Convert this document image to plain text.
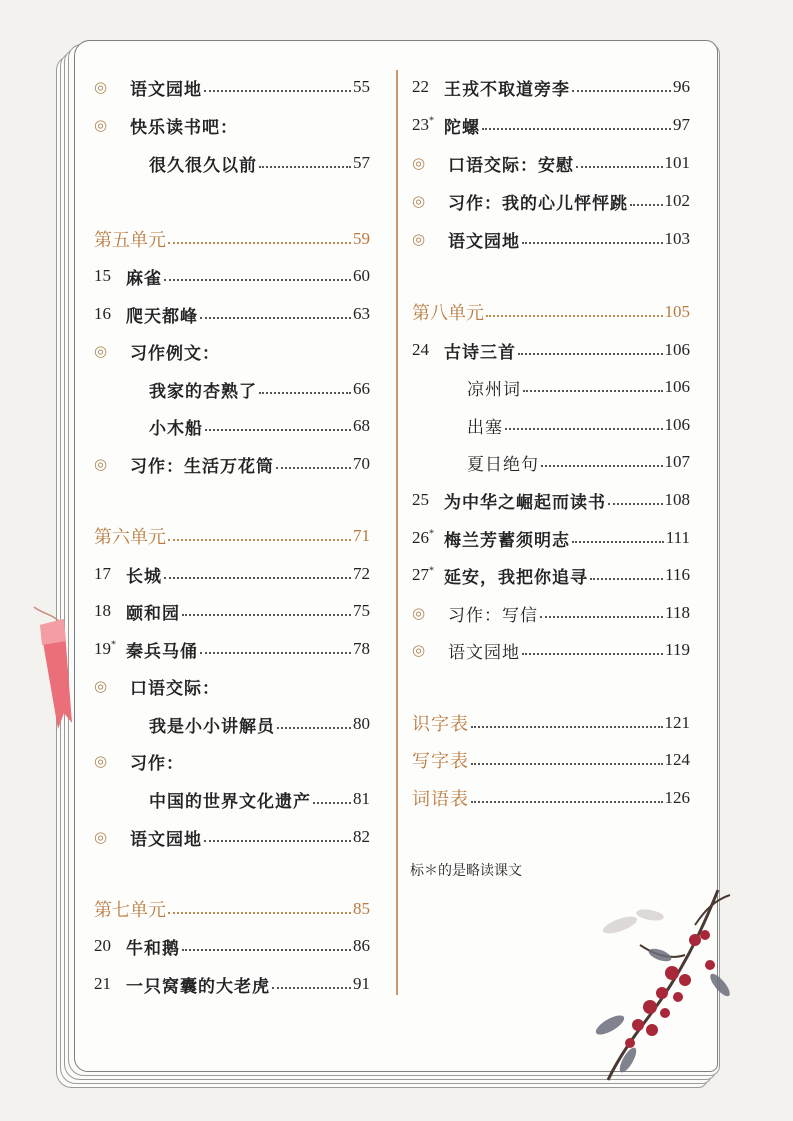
◎	语文园地	55
◎	快乐读书吧：
很久很久以前	57
第五单元	59
15 麻雀	60
16 爬天都峰	63
◎	习作例文：
我家的杏熟了	66
小木船	68
◎	习作：生活万花筒	70
第六单元	71
17 长城	72
18 颐和园	75
19* 秦兵马俑	78
◎	口语交际：
我是小小讲解员	80
◎	习作：
中国的世界文化遗产 81
◎	语文园地	82
第七单元	85
20 牛和鹅	86
21 一只窝囊的大老虎	91
22 王戎不取道旁李	96
23* 陀螺	97
◎	口语交际：安慰	101
◎	习作：我的心儿怦怦跳 102
◎	语文园地	103
第八单元	105
24 古诗三首	106
凉州词	106
出塞	106
夏日绝句	107
25 为中华之崛起而读书	108
26* 梅兰芳蓄须明志	111
27* 延安，我把你追寻	116
◎	习作：写信	118
◎	语文园地	119
识字表	121
写字表	124
词语表	126
标＊的是略读课文
